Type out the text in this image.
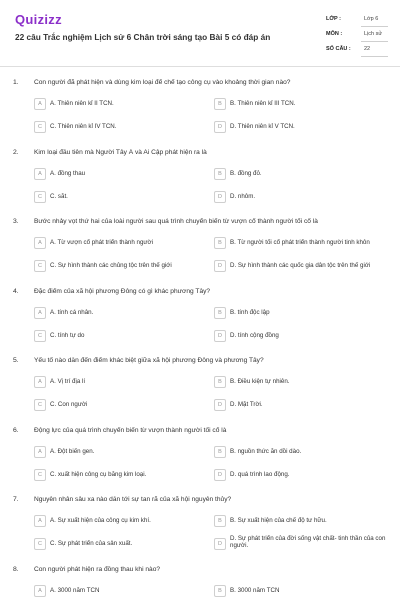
Quizizz
22 câu Trắc nghiệm Lịch sử 6 Chân trời sáng tạo Bài 5 có đáp án
LỚP :	Lớp 6
MÔN :	Lịch sử
SỐ CÂU : 22
1. Con người đã phát hiện và dùng kim loại để chế tạo công cụ vào khoảng thời gian nào?
A	A. Thiên niên kỉ II TCN.	B	B. Thiên niên kỉ III TCN.
C	C. Thiên niên kỉ IV TCN.	D	D. Thiên niên kỉ V TCN.
2. Kim loại đầu tiên mà Người Tây Á và Ai Cập phát hiện ra là
A	A. đồng thau	B	B. đồng đỏ.
C	C. sắt.	D	D. nhôm.
3. Bước nhảy vọt thứ hai của loài người sau quá trình chuyển biến từ vượn cổ thành người tối cổ là
A	A. Từ vượn cổ phát triển thành người	B	B. Từ người tối cổ phát triển thành người tinh khôn
C	C. Sự hình thành các chủng tộc trên thế giới	D	D. Sự hình thành các quốc gia dân tộc trên thế giới
4. Đặc điểm của xã hội phương Đông có gì khác phương Tây?
A	A. tính cá nhân.	B	B. tính độc lập
C	C. tính tự do	D	D. tính cộng đồng
5. Yếu tố nào dẫn đến điểm khác biệt giữa xã hội phương Đông và phương Tây?
A	A. Vị trí địa lí	B	B. Điều kiện tự nhiên.
C	C. Con người	D	D. Mặt Trời.
6. Động lực của quá trình chuyển biến từ vượn thành người tối cổ là
A	A. Đột biến gen.	B	B. nguồn thức ăn dồi dào.
C	C. xuất hiện công cụ bằng kim loại.	D	D. quá trình lao động.
7. Nguyên nhân sâu xa nào dẫn tới sự tan rã của xã hội nguyên thủy?
A	A. Sự xuất hiện của công cụ kim khí.	B	B. Sự xuất hiện của chế độ tư hữu.
C	C. Sự phát triển của sản xuất.	D
D. Sự phát triển của đời sống vật chất- tinh thần của con người.
8. Con người phát hiện ra đồng thau khi nào?
A	A. 3000 năm TCN	B	B. 3000 năm TCN
